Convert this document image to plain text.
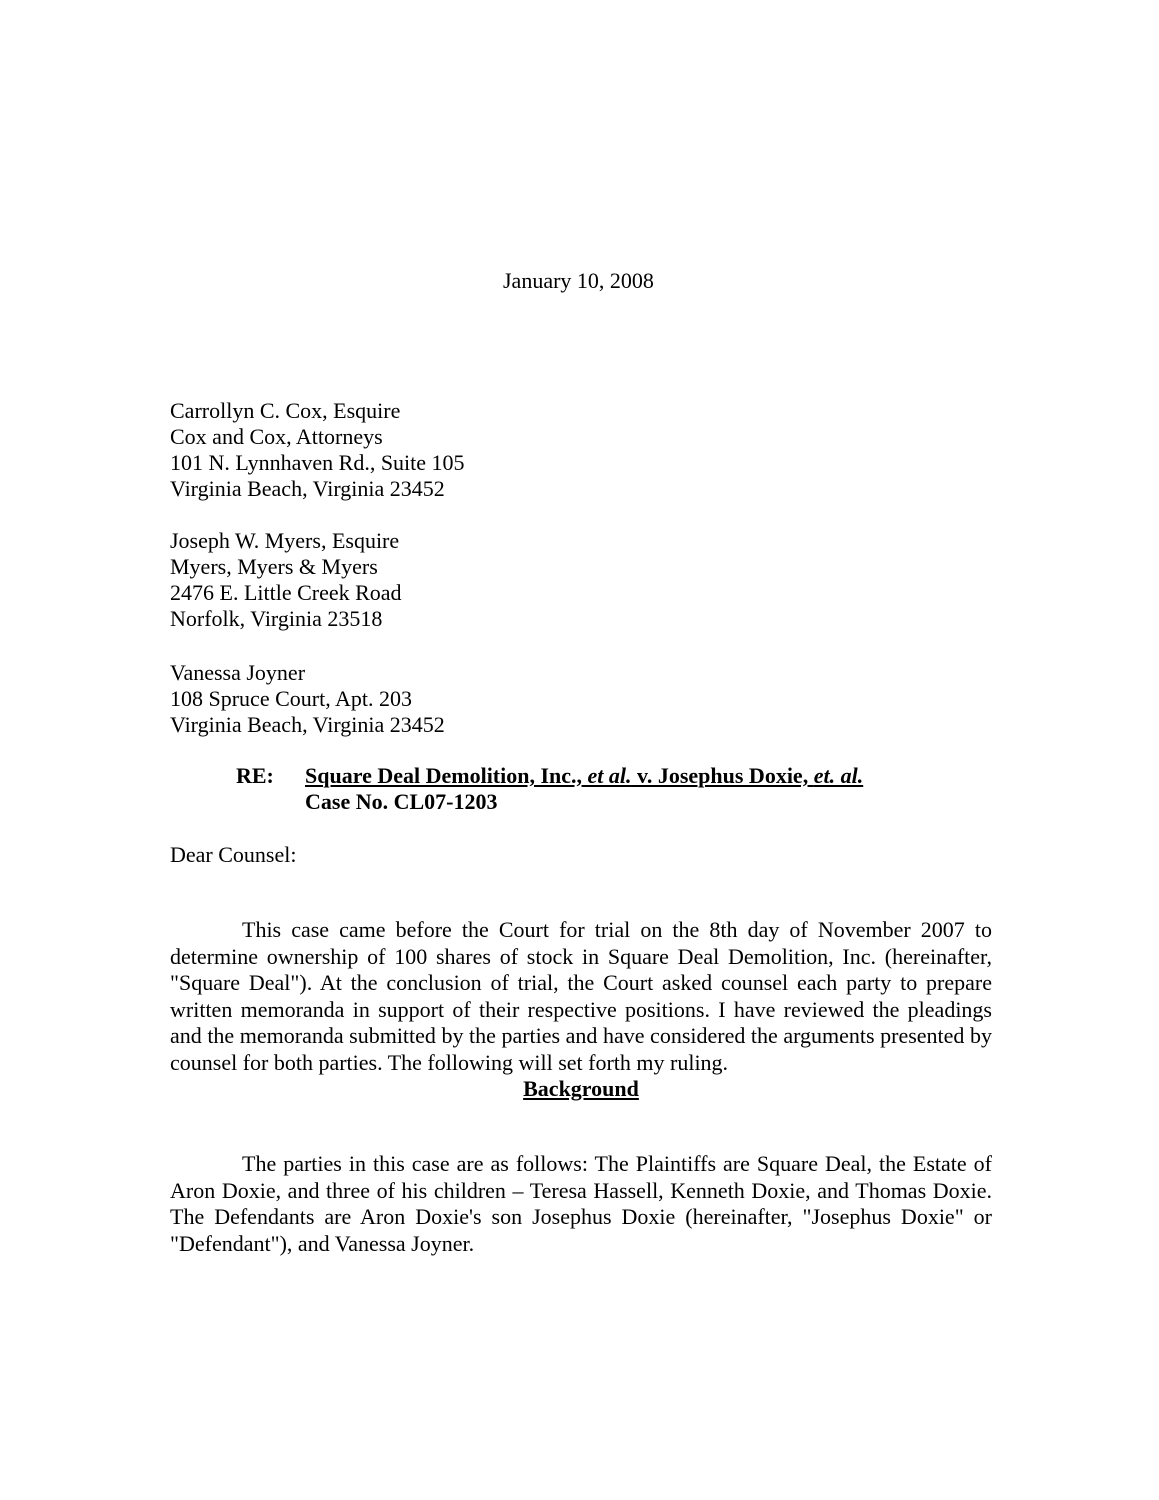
January 10, 2008
Carrollyn C. Cox, Esquire
Cox and Cox, Attorneys
101 N. Lynnhaven Rd., Suite 105
Virginia Beach, Virginia 23452
Joseph W. Myers, Esquire
Myers, Myers & Myers
2476 E. Little Creek Road
Norfolk, Virginia 23518
Vanessa Joyner
108 Spruce Court, Apt. 203
Virginia Beach, Virginia 23452
RE:	Square Deal Demolition, Inc., et al. v. Josephus Doxie, et. al.
Case No. CL07-1203
Dear Counsel:

This case came before the Court for trial on the 8th day of November 2007 to determine ownership of 100 shares of stock in Square Deal Demolition, Inc. (hereinafter, "Square Deal"). At the conclusion of trial, the Court asked counsel each party to prepare written memoranda in support of their respective positions. I have reviewed the pleadings and the memoranda submitted by the parties and have considered the arguments presented by counsel for both parties. The following will set forth my ruling.

Background

The parties in this case are as follows: The Plaintiffs are Square Deal, the Estate of Aron Doxie, and three of his children – Teresa Hassell, Kenneth Doxie, and Thomas Doxie. The Defendants are Aron Doxie's son Josephus Doxie (hereinafter, "Josephus Doxie" or "Defendant"), and Vanessa Joyner.
